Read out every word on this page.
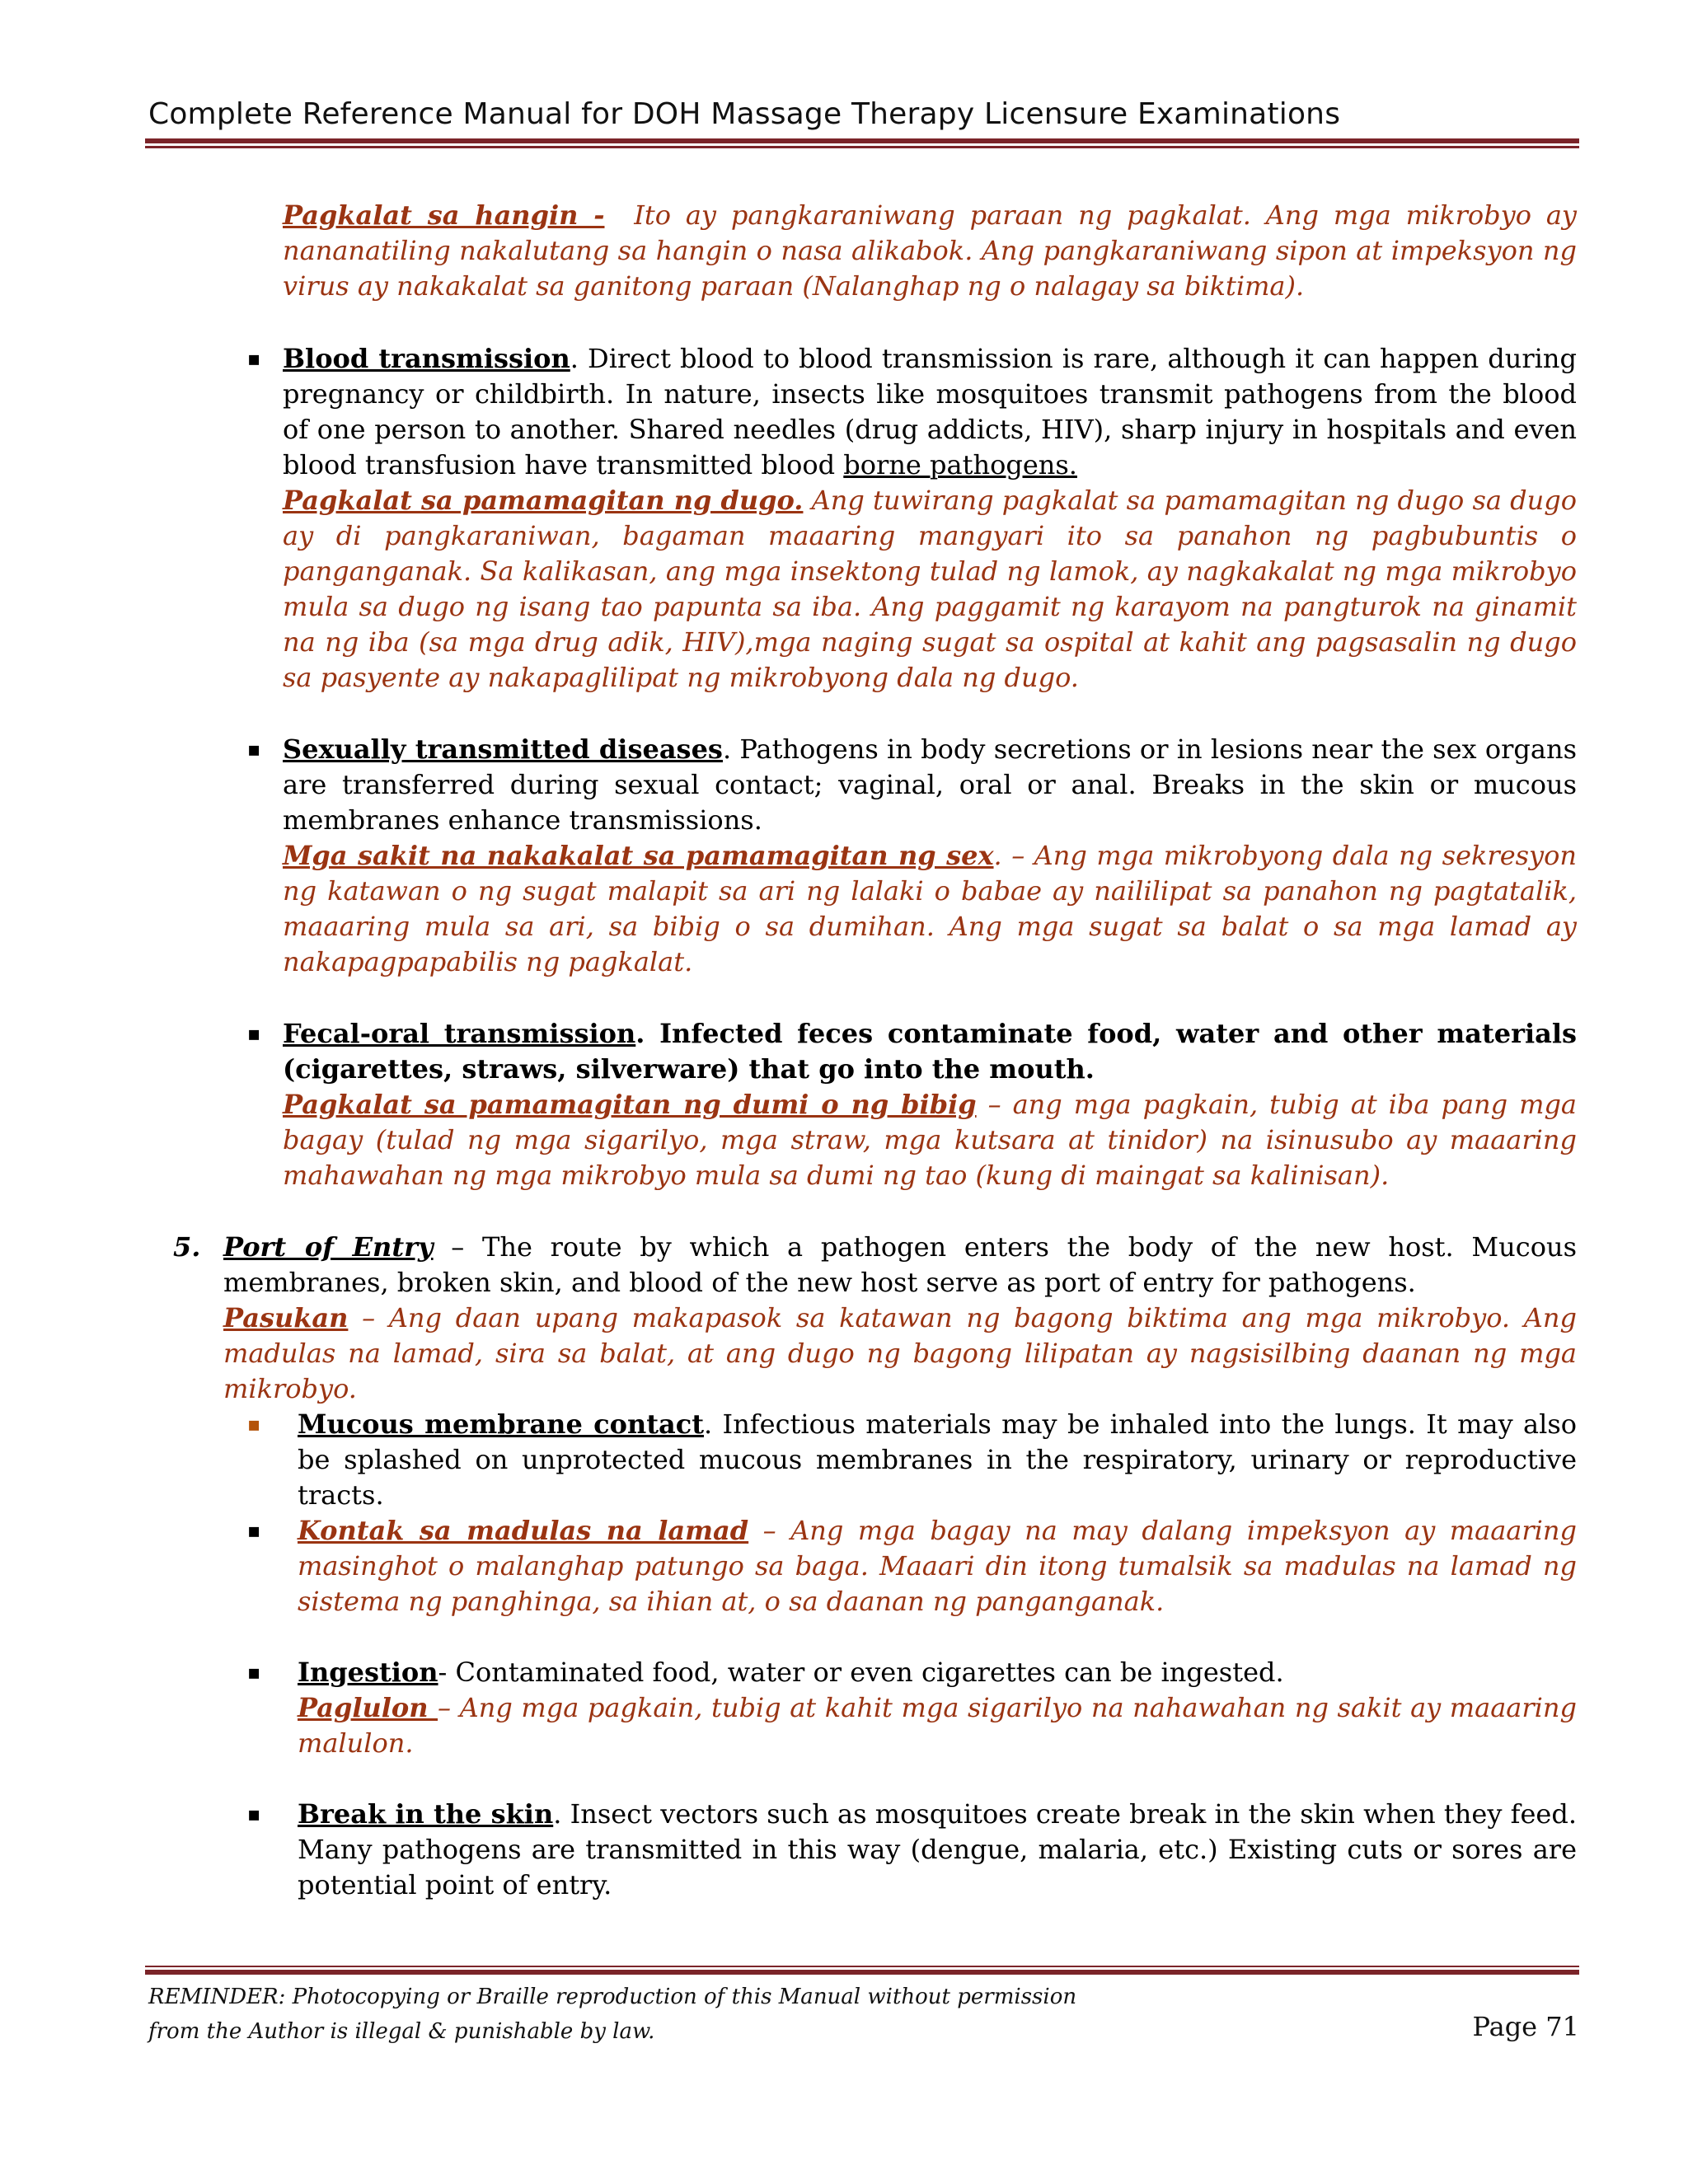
Complete Reference Manual for DOH Massage Therapy Licensure Examinations
Pagkalat sa hangin - Ito ay pangkaraniwang paraan ng pagkalat. Ang mga mikrobyo ay nananatiling nakalutang sa hangin o nasa alikabok. Ang pangkaraniwang sipon at impeksyon ng virus ay nakakalat sa ganitong paraan (Nalanghap ng o nalagay sa biktima).
▪
Blood transmission. Direct blood to blood transmission is rare, although it can happen during pregnancy or childbirth. In nature, insects like mosquitoes transmit pathogens from the blood of one person to another. Shared needles (drug addicts, HIV), sharp injury in hospitals and even blood transfusion have transmitted blood borne pathogens.
Pagkalat sa pamamagitan ng dugo. Ang tuwirang pagkalat sa pamamagitan ng dugo sa dugo ay di pangkaraniwan, bagaman maaaring mangyari ito sa panahon ng pagbubuntis o panganganak. Sa kalikasan, ang mga insektong tulad ng lamok, ay nagkakalat ng mga mikrobyo mula sa dugo ng isang tao papunta sa iba. Ang paggamit ng karayom na pangturok na ginamit na ng iba (sa mga drug adik, HIV),mga naging sugat sa ospital at kahit ang pagsasalin ng dugo sa pasyente ay nakapaglilipat ng mikrobyong dala ng dugo.
▪
Sexually transmitted diseases. Pathogens in body secretions or in lesions near the sex organs are transferred during sexual contact; vaginal, oral or anal. Breaks in the skin or mucous membranes enhance transmissions.
Mga sakit na nakakalat sa pamamagitan ng sex. – Ang mga mikrobyong dala ng sekresyon ng katawan o ng sugat malapit sa ari ng lalaki o babae ay naililipat sa panahon ng pagtatalik, maaaring mula sa ari, sa bibig o sa dumihan. Ang mga sugat sa balat o sa mga lamad ay nakapagpapabilis ng pagkalat.
▪
Fecal-oral transmission. Infected feces contaminate food, water and other materials (cigarettes, straws, silverware) that go into the mouth.
Pagkalat sa pamamagitan ng dumi o ng bibig – ang mga pagkain, tubig at iba pang mga bagay (tulad ng mga sigarilyo, mga straw, mga kutsara at tinidor) na isinusubo ay maaaring mahawahan ng mga mikrobyo mula sa dumi ng tao (kung di maingat sa kalinisan).
5. Port of Entry – The route by which a pathogen enters the body of the new host. Mucous membranes, broken skin, and blood of the new host serve as port of entry for pathogens.
Pasukan – Ang daan upang makapasok sa katawan ng bagong biktima ang mga mikrobyo. Ang madulas na lamad, sira sa balat, at ang dugo ng bagong lilipatan ay nagsisilbing daanan ng mga mikrobyo.
▪
Mucous membrane contact. Infectious materials may be inhaled into the lungs. It may also be splashed on unprotected mucous membranes in the respiratory, urinary or reproductive tracts.
▪
Kontak sa madulas na lamad – Ang mga bagay na may dalang impeksyon ay maaaring masinghot o malanghap patungo sa baga. Maaari din itong tumalsik sa madulas na lamad ng sistema ng panghinga, sa ihian at, o sa daanan ng panganganak.
▪
Ingestion- Contaminated food, water or even cigarettes can be ingested.
Paglulon – Ang mga pagkain, tubig at kahit mga sigarilyo na nahawahan ng sakit ay maaaring malulon.
▪
Break in the skin. Insect vectors such as mosquitoes create break in the skin when they feed. Many pathogens are transmitted in this way (dengue, malaria, etc.) Existing cuts or sores are potential point of entry.
REMINDER: Photocopying or Braille reproduction of this Manual without permission
from the Author is illegal & punishable by law.	Page 71
